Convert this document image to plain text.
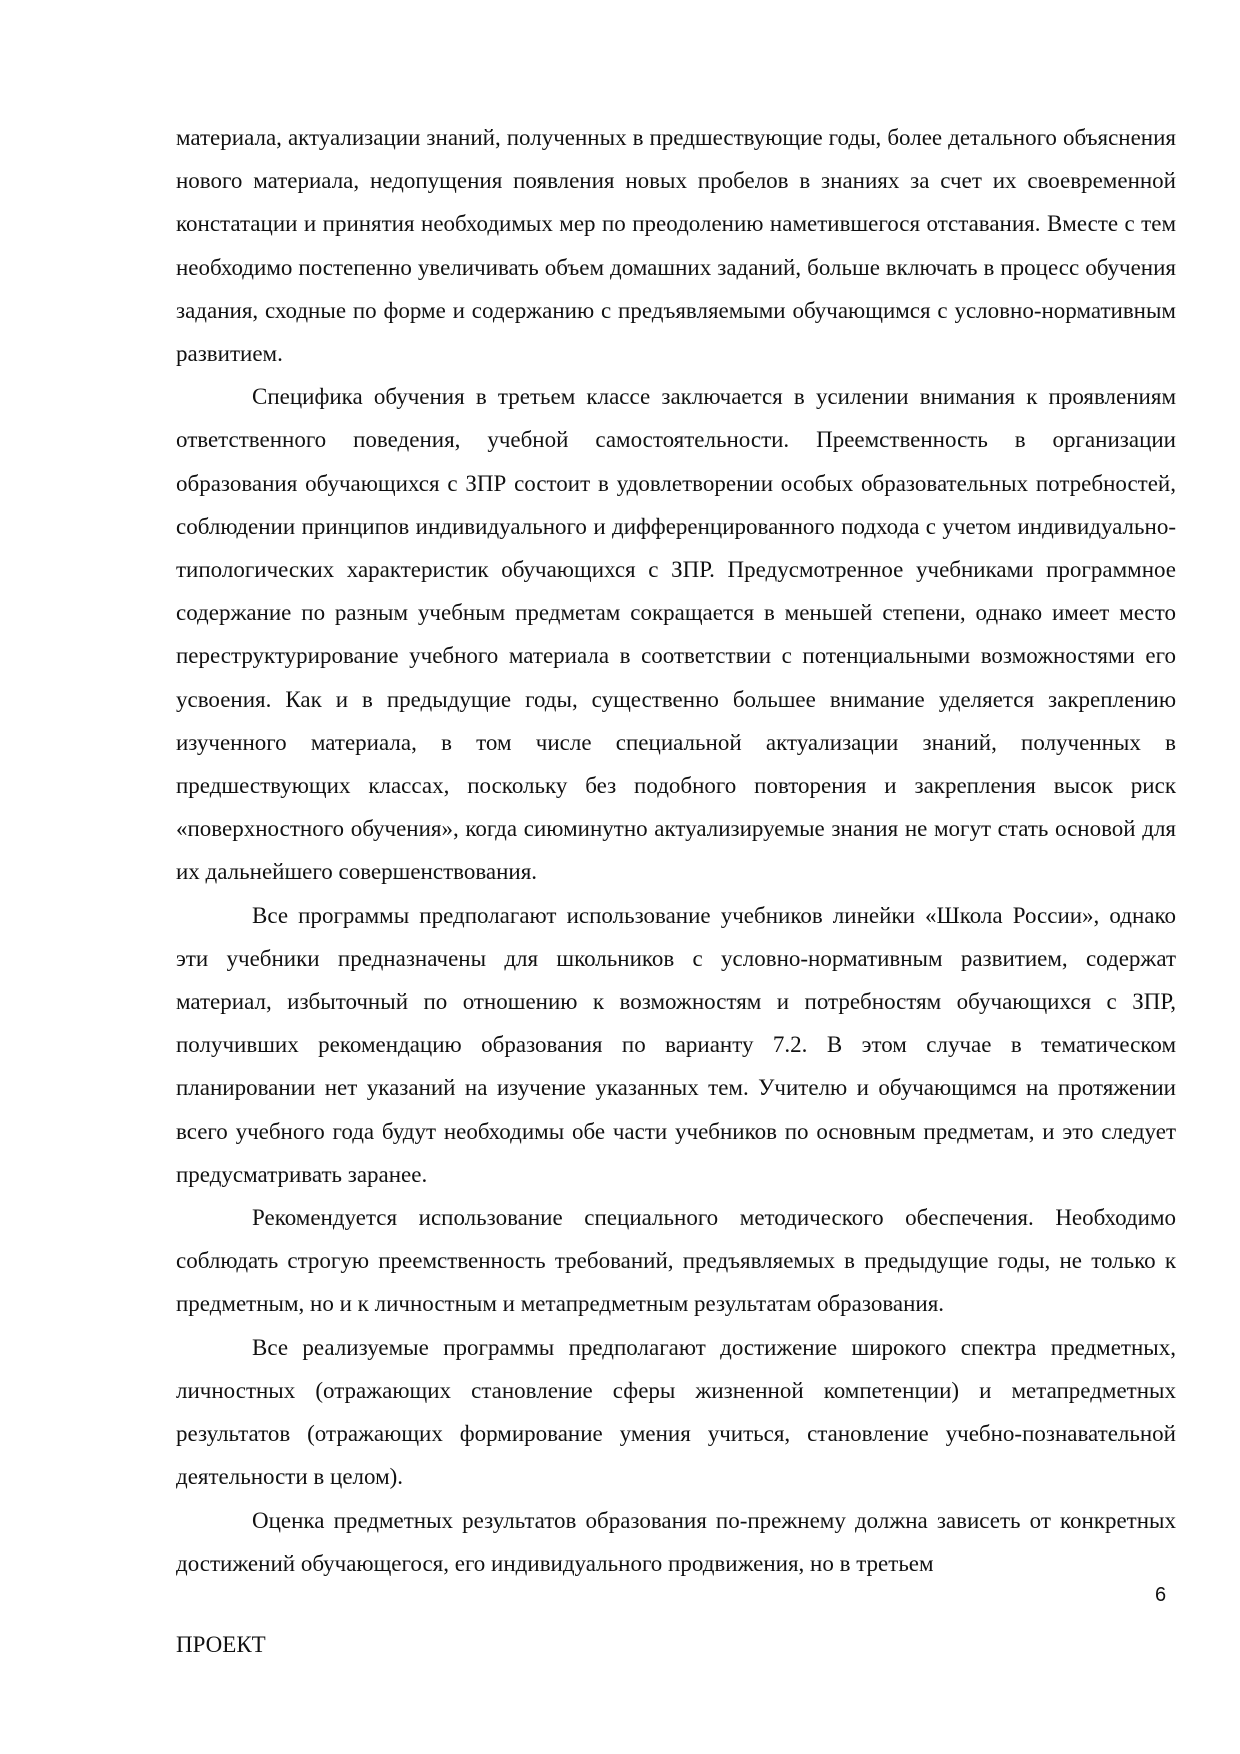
материала, актуализации знаний, полученных в предшествующие годы, более детального объяснения нового материала, недопущения появления новых пробелов в знаниях за счет их своевременной констатации и принятия необходимых мер по преодолению наметившегося отставания. Вместе с тем необходимо постепенно увеличивать объем домашних заданий, больше включать в процесс обучения задания, сходные по форме и содержанию с предъявляемыми обучающимся с условно-нормативным развитием.

Специфика обучения в третьем классе заключается в усилении внимания к проявлениям ответственного поведения, учебной самостоятельности. Преемственность в организации образования обучающихся с ЗПР состоит в удовлетворении особых образовательных потребностей, соблюдении принципов индивидуального и дифференцированного подхода с учетом индивидуально-типологических характеристик обучающихся с ЗПР. Предусмотренное учебниками программное содержание по разным учебным предметам сокращается в меньшей степени, однако имеет место переструктурирование учебного материала в соответствии с потенциальными возможностями его усвоения. Как и в предыдущие годы, существенно большее внимание уделяется закреплению изученного материала, в том числе специальной актуализации знаний, полученных в предшествующих классах, поскольку без подобного повторения и закрепления высок риск «поверхностного обучения», когда сиюминутно актуализируемые знания не могут стать основой для их дальнейшего совершенствования.

Все программы предполагают использование учебников линейки «Школа России», однако эти учебники предназначены для школьников с условно-нормативным развитием, содержат материал, избыточный по отношению к возможностям и потребностям обучающихся с ЗПР, получивших рекомендацию образования по варианту 7.2. В этом случае в тематическом планировании нет указаний на изучение указанных тем. Учителю и обучающимся на протяжении всего учебного года будут необходимы обе части учебников по основным предметам, и это следует предусматривать заранее.

Рекомендуется использование специального методического обеспечения. Необходимо соблюдать строгую преемственность требований, предъявляемых в предыдущие годы, не только к предметным, но и к личностным и метапредметным результатам образования.

Все реализуемые программы предполагают достижение широкого спектра предметных, личностных (отражающих становление сферы жизненной компетенции) и метапредметных результатов (отражающих формирование умения учиться, становление учебно-познавательной деятельности в целом).

Оценка предметных результатов образования по-прежнему должна зависеть от конкретных достижений обучающегося, его индивидуального продвижения, но в третьем

6
ПРОЕКТ
